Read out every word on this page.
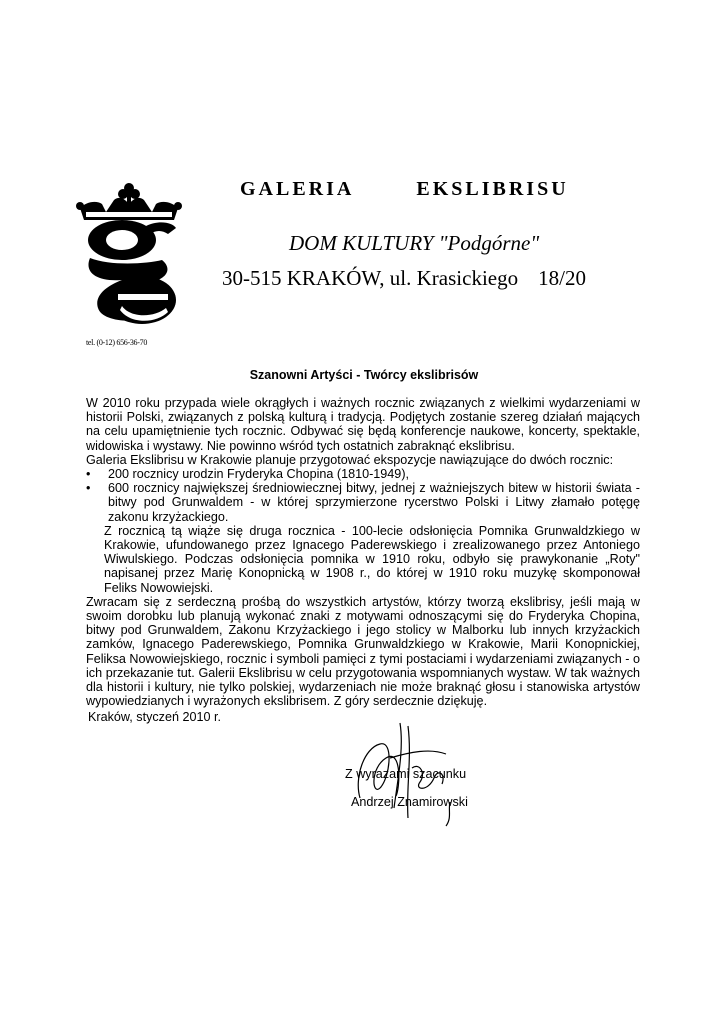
GALERIA	EKSLIBRISU

DOM KULTURY "Podgórne"

30-515 KRAKÓW, ul. Krasickiego 18/20

tel. (0-12) 656-36-70
Szanowni Artyści - Twórcy ekslibrisów

W 2010 roku przypada wiele okrągłych i ważnych rocznic związanych z wielkimi wydarzeniami w historii Polski, związanych z polską kulturą i tradycją. Podjętych zostanie szereg działań mających na celu upamiętnienie tych rocznic. Odbywać się będą konferencje naukowe, koncerty, spektakle, widowiska i wystawy. Nie powinno wśród tych ostatnich zabraknąć ekslibrisu.

Galeria Ekslibrisu w Krakowie planuje przygotować ekspozycje nawiązujące do dwóch rocznic:

•	200 rocznicy urodzin Fryderyka Chopina (1810-1949),
•	600 rocznicy największej średniowiecznej bitwy, jednej z ważniejszych bitew w historii świata - bitwy pod Grunwaldem - w której sprzymierzone rycerstwo Polski i Litwy złamało potęgę zakonu krzyżackiego.

Z rocznicą tą wiąże się druga rocznica - 100-lecie odsłonięcia Pomnika Grunwaldzkiego w Krakowie, ufundowanego przez Ignacego Paderewskiego i zrealizowanego przez Antoniego Wiwulskiego. Podczas odsłonięcia pomnika w 1910 roku, odbyło się prawykonanie „Roty" napisanej przez Marię Konopnicką w 1908 r., do której w 1910 roku muzykę skomponował Feliks Nowowiejski.

Zwracam się z serdeczną prośbą do wszystkich artystów, którzy tworzą ekslibrisy, jeśli mają w swoim dorobku lub planują wykonać znaki z motywami odnoszącymi się do Fryderyka Chopina, bitwy pod Grunwaldem, Zakonu Krzyżackiego i jego stolicy w Malborku lub innych krzyżackich zamków, Ignacego Paderewskiego, Pomnika Grunwaldzkiego w Krakowie, Marii Konopnickiej, Feliksa Nowowiejskiego, rocznic i symboli pamięci z tymi postaciami i wydarzeniami związanych - o ich przekazanie tut. Galerii Ekslibrisu w celu przygotowania wspomnianych wystaw. W tak ważnych dla historii i kultury, nie tylko polskiej, wydarzeniach nie może braknąć głosu i stanowiska artystów wypowiedzianych i wyrażonych ekslibrisem. Z góry serdecznie dziękuję.

Kraków, styczeń 2010 r.
Z wyrazami szacunku
Andrzej Znamirowski
